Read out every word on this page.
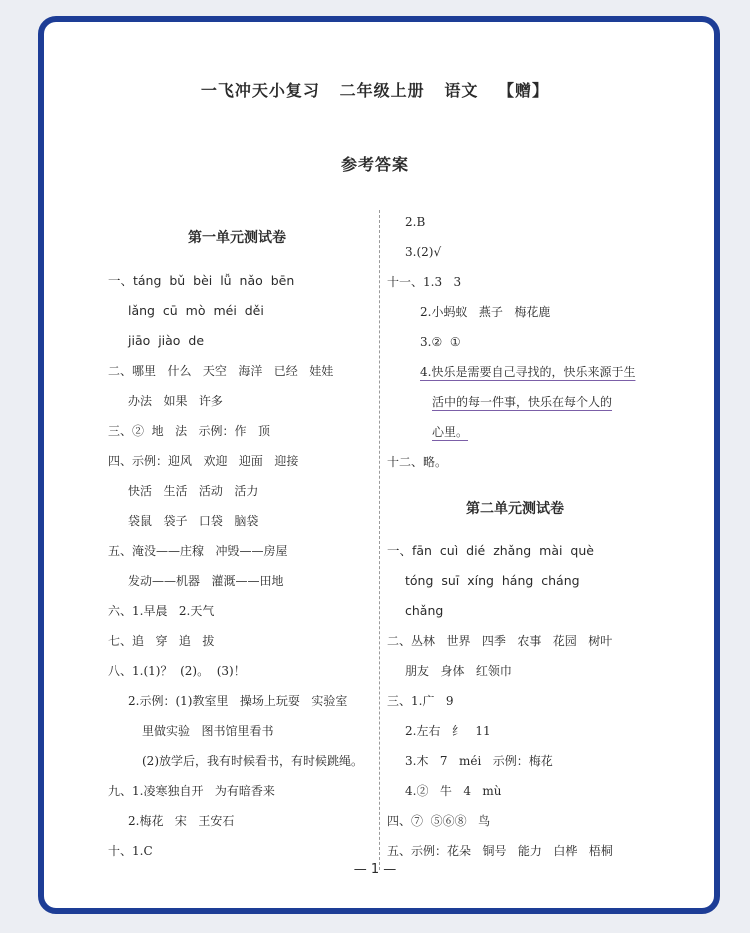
一飞冲天小复习   二年级上册   语文   【赠】
参考答案
第一单元测试卷
一、táng  bǔ  bèi  lǚ  nǎo  bēn
lǎng  cū  mò  méi  děi
jiāo  jiào  de
二、哪里   什么   天空   海洋   已经   娃娃
办法   如果   许多
三、②  地   法   示例：作   顶
四、示例：迎风   欢迎   迎面   迎接
快活   生活   活动   活力
袋鼠   袋子   口袋   脑袋
五、淹没——庄稼   冲毁——房屋
发动——机器   灌溉——田地
六、1.早晨   2.天气
七、追   穿   追   拔
八、1.(1)？  (2)。  (3)！
2.示例：(1)教室里   操场上玩耍   实验室
里做实验   图书馆里看书
(2)放学后，我有时候看书，有时候跳绳。
九、1.凌寒独自开   为有暗香来
2.梅花   宋   王安石
十、1.C
2.B
3.(2)√
十一、1.3   3
2.小蚂蚁   燕子   梅花鹿
3.②  ①
4.快乐是需要自己寻找的，快乐来源于生
活中的每一件事，快乐在每个人的
心里。
十二、略。
第二单元测试卷
一、fān  cuì  dié  zhǎng  mài  què
tóng  suī  xíng  háng  cháng
chǎng
二、丛林   世界   四季   农事   花园   树叶
朋友   身体   红领巾
三、1.广   9
2.左右   纟   11
3.木   7   méi   示例：梅花
4.②   牛   4   mù
四、⑦  ⑤⑥⑧   鸟
五、示例：花朵   铜号   能力   白桦   梧桐
— 1 —
